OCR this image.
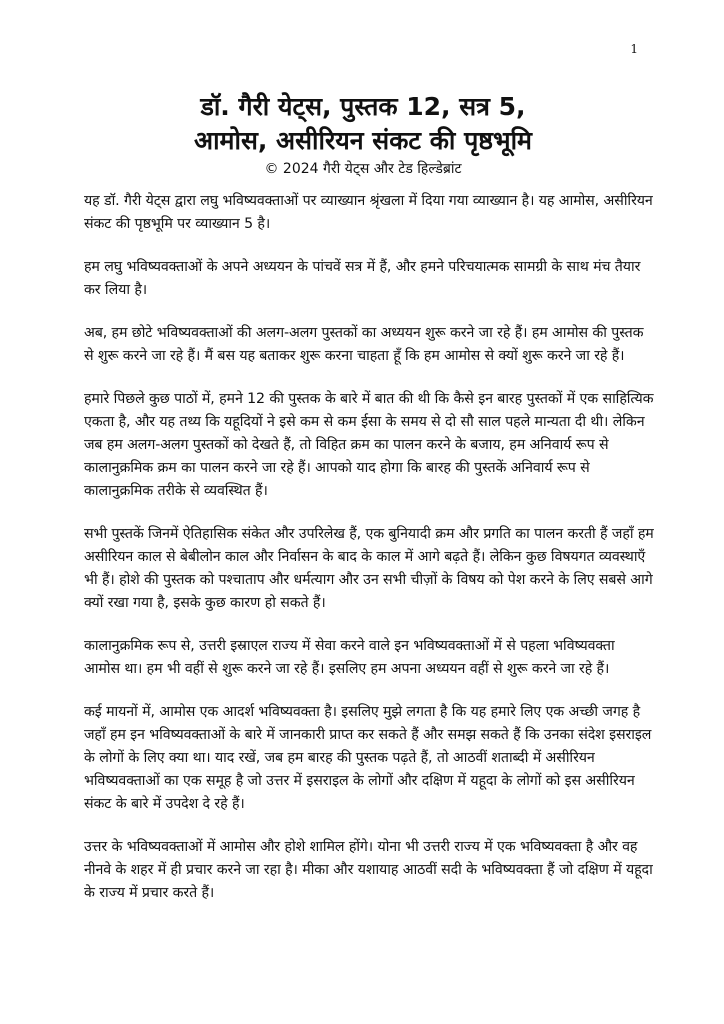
1
डॉ. गैरी येट्स, पुस्तक 12, सत्र 5,
आमोस, असीरियन संकट की पृष्ठभूमि
© 2024 गैरी येट्स और टेड हिल्डेब्रांट

यह डॉ. गैरी येट्स द्वारा लघु भविष्यवक्ताओं पर व्याख्यान श्रृंखला में दिया गया व्याख्यान है। यह आमोस, असीरियन संकट की पृष्ठभूमि पर व्याख्यान 5 है।

हम लघु भविष्यवक्ताओं के अपने अध्ययन के पांचवें सत्र में हैं, और हमने परिचयात्मक सामग्री के साथ मंच तैयार कर लिया है।

अब, हम छोटे भविष्यवक्ताओं की अलग-अलग पुस्तकों का अध्ययन शुरू करने जा रहे हैं। हम आमोस की पुस्तक से शुरू करने जा रहे हैं। मैं बस यह बताकर शुरू करना चाहता हूँ कि हम आमोस से क्यों शुरू करने जा रहे हैं।

हमारे पिछले कुछ पाठों में, हमने 12 की पुस्तक के बारे में बात की थी कि कैसे इन बारह पुस्तकों में एक साहित्यिक एकता है, और यह तथ्य कि यहूदियों ने इसे कम से कम ईसा के समय से दो सौ साल पहले मान्यता दी थी। लेकिन जब हम अलग-अलग पुस्तकों को देखते हैं, तो विहित क्रम का पालन करने के बजाय, हम अनिवार्य रूप से कालानुक्रमिक क्रम का पालन करने जा रहे हैं। आपको याद होगा कि बारह की पुस्तकें अनिवार्य रूप से कालानुक्रमिक तरीके से व्यवस्थित हैं।

सभी पुस्तकें जिनमें ऐतिहासिक संकेत और उपरिलेख हैं, एक बुनियादी क्रम और प्रगति का पालन करती हैं जहाँ हम असीरियन काल से बेबीलोन काल और निर्वासन के बाद के काल में आगे बढ़ते हैं। लेकिन कुछ विषयगत व्यवस्थाएँ भी हैं। होशे की पुस्तक को पश्चाताप और धर्मत्याग और उन सभी चीज़ों के विषय को पेश करने के लिए सबसे आगे क्यों रखा गया है, इसके कुछ कारण हो सकते हैं।

कालानुक्रमिक रूप से, उत्तरी इस्राएल राज्य में सेवा करने वाले इन भविष्यवक्ताओं में से पहला भविष्यवक्ता आमोस था। हम भी वहीं से शुरू करने जा रहे हैं। इसलिए हम अपना अध्ययन वहीं से शुरू करने जा रहे हैं।

कई मायनों में, आमोस एक आदर्श भविष्यवक्ता है। इसलिए मुझे लगता है कि यह हमारे लिए एक अच्छी जगह है जहाँ हम इन भविष्यवक्ताओं के बारे में जानकारी प्राप्त कर सकते हैं और समझ सकते हैं कि उनका संदेश इसराइल के लोगों के लिए क्या था। याद रखें, जब हम बारह की पुस्तक पढ़ते हैं, तो आठवीं शताब्दी में असीरियन भविष्यवक्ताओं का एक समूह है जो उत्तर में इसराइल के लोगों और दक्षिण में यहूदा के लोगों को इस असीरियन संकट के बारे में उपदेश दे रहे हैं।

उत्तर के भविष्यवक्ताओं में आमोस और होशे शामिल होंगे। योना भी उत्तरी राज्य में एक भविष्यवक्ता है और वह नीनवे के शहर में ही प्रचार करने जा रहा है। मीका और यशायाह आठवीं सदी के भविष्यवक्ता हैं जो दक्षिण में यहूदा के राज्य में प्रचार करते हैं।
